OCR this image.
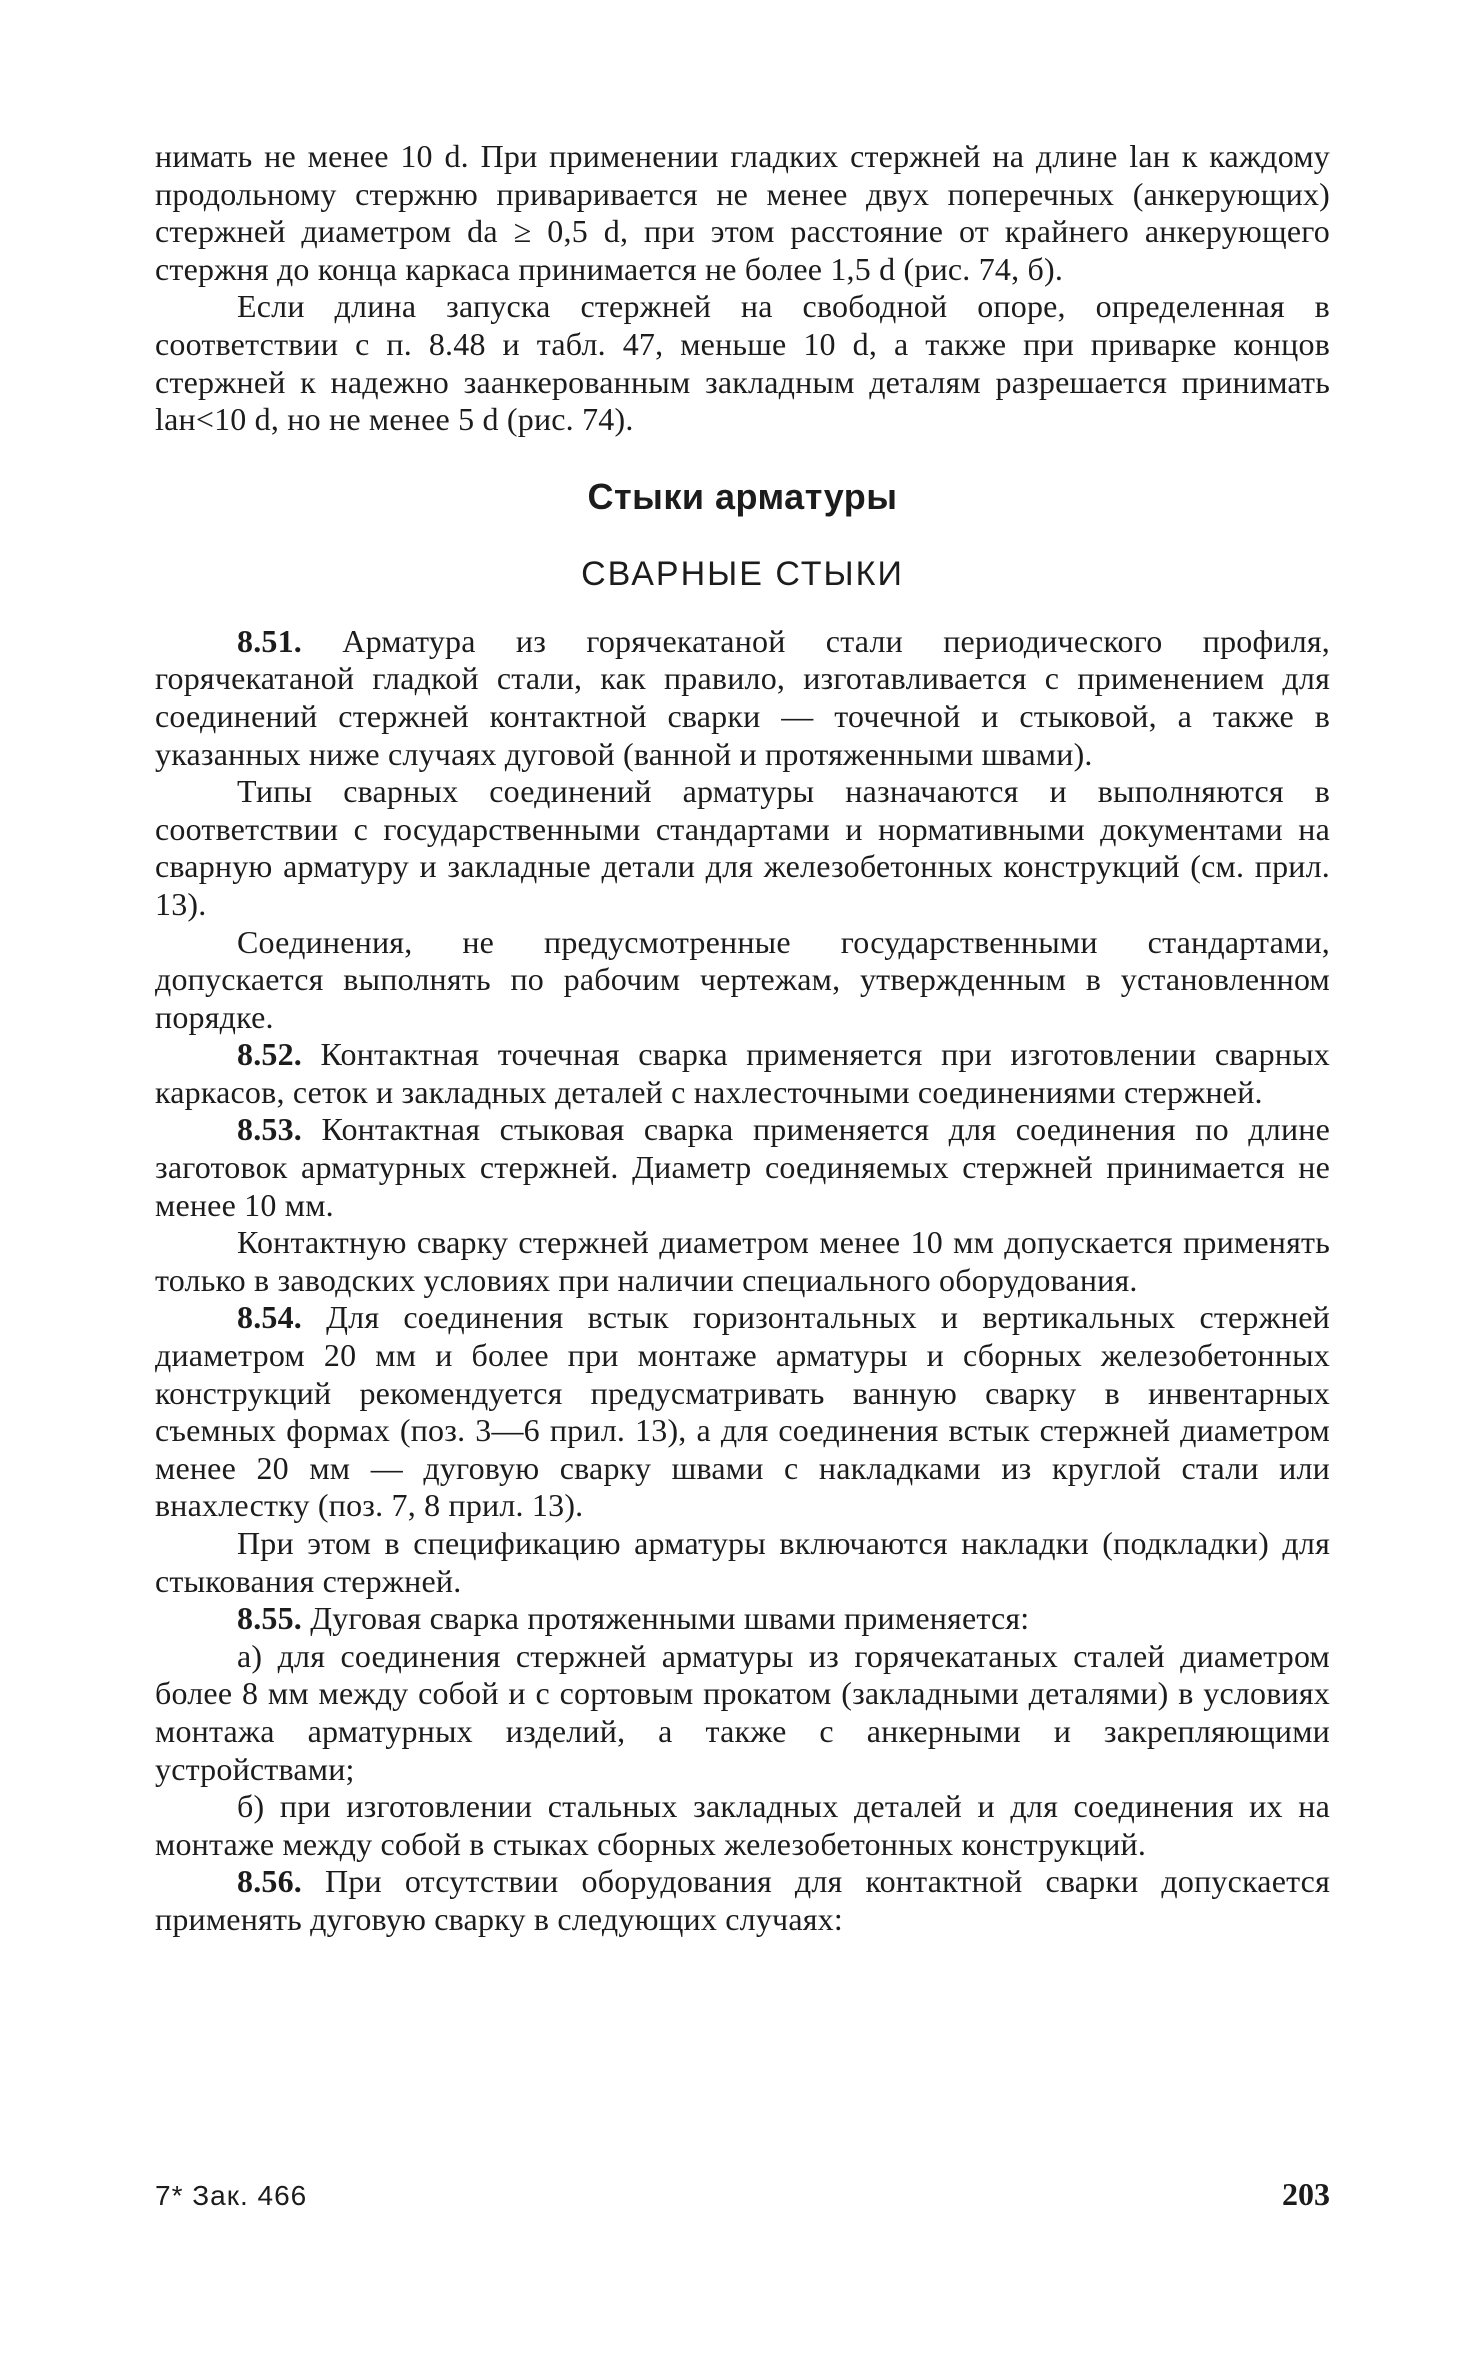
нимать не менее 10 d. При применении гладких стержней на длине lан к каждому продольному стержню приваривается не менее двух поперечных (анкерующих) стержней диаметром dа ≥ 0,5 d, при этом расстояние от крайнего анкерующего стержня до конца каркаса принимается не более 1,5 d (рис. 74, б).

Если длина запуска стержней на свободной опоре, определенная в соответствии с п. 8.48 и табл. 47, меньше 10 d, а также при приварке концов стержней к надежно заанкерованным закладным деталям разрешается принимать lан<10 d, но не менее 5 d (рис. 74).

Стыки арматуры
СВАРНЫЕ СТЫКИ

8.51. Арматура из горячекатаной стали периодического профиля, горячекатаной гладкой стали, как правило, изготавливается с применением для соединений стержней контактной сварки — точечной и стыковой, а также в указанных ниже случаях дуговой (ванной и протяженными швами).

Типы сварных соединений арматуры назначаются и выполняются в соответствии с государственными стандартами и нормативными документами на сварную арматуру и закладные детали для железобетонных конструкций (см. прил. 13).

Соединения, не предусмотренные государственными стандартами, допускается выполнять по рабочим чертежам, утвержденным в установленном порядке.

8.52. Контактная точечная сварка применяется при изготовлении сварных каркасов, сеток и закладных деталей с нахлесточными соединениями стержней.

8.53. Контактная стыковая сварка применяется для соединения по длине заготовок арматурных стержней. Диаметр соединяемых стержней принимается не менее 10 мм.

Контактную сварку стержней диаметром менее 10 мм допускается применять только в заводских условиях при наличии специального оборудования.

8.54. Для соединения встык горизонтальных и вертикальных стержней диаметром 20 мм и более при монтаже арматуры и сборных железобетонных конструкций рекомендуется предусматривать ванную сварку в инвентарных съемных формах (поз. 3—6 прил. 13), а для соединения встык стержней диаметром менее 20 мм — дуговую сварку швами с накладками из круглой стали или внахлестку (поз. 7, 8 прил. 13).

При этом в спецификацию арматуры включаются накладки (подкладки) для стыкования стержней.

8.55. Дуговая сварка протяженными швами применяется:

а) для соединения стержней арматуры из горячекатаных сталей диаметром более 8 мм между собой и с сортовым прокатом (закладными деталями) в условиях монтажа арматурных изделий, а также с анкерными и закрепляющими устройствами;

б) при изготовлении стальных закладных деталей и для соединения их на монтаже между собой в стыках сборных железобетонных конструкций.

8.56. При отсутствии оборудования для контактной сварки допускается применять дуговую сварку в следующих случаях:

7* Зак. 466	203
